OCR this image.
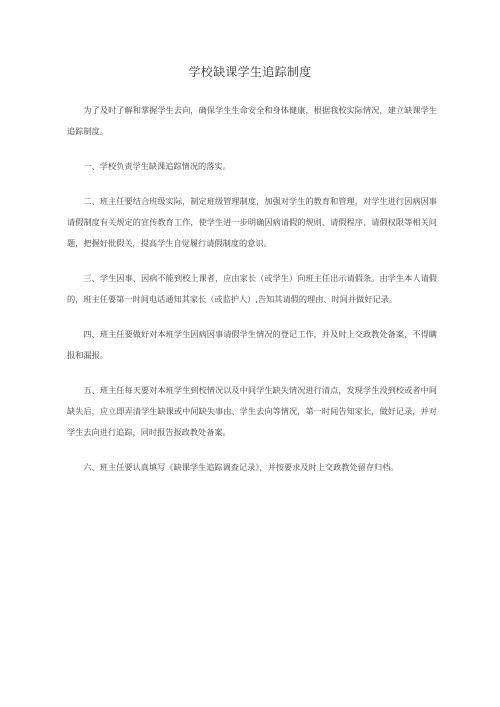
学校缺课学生追踪制度

为了及时了解和掌握学生去向，确保学生生命安全和身体健康，根据我校实际情况，建立缺课学生追踪制度。

一、学校负责学生缺课追踪情况的落实。

二、班主任要结合班级实际，制定班级管理制度，加强对学生的教育和管理，对学生进行因病因事请假制度有关规定的宣传教育工作，使学生进一步明确因病请假的规则、请假程序、请假权限等相关问题，把握好批假关，提高学生自觉履行请假制度的意识。

三、学生因事、因病不能到校上课者，应由家长（或学生）向班主任出示请假条。由学生本人请假的，班主任要第一时间电话通知其家长（或监护人）,告知其请假的理由、时间并做好记录。

四、班主任要做好对本班学生因病因事请假学生情况的登记工作，并及时上交政教处备案，不得瞒报和漏报。

五、班主任每天要对本班学生到校情况以及中间学生缺失情况进行清点，发现学生没到校或者中间缺失后，应立即弄清学生缺课或中间缺失事由、学生去向等情况，第一时间告知家长，做好记录，并对学生去向进行追踪，同时报告报政教处备案。

六、班主任要认真填写《缺课学生追踪调查记录》，并按要求及时上交政教处留存归档。
